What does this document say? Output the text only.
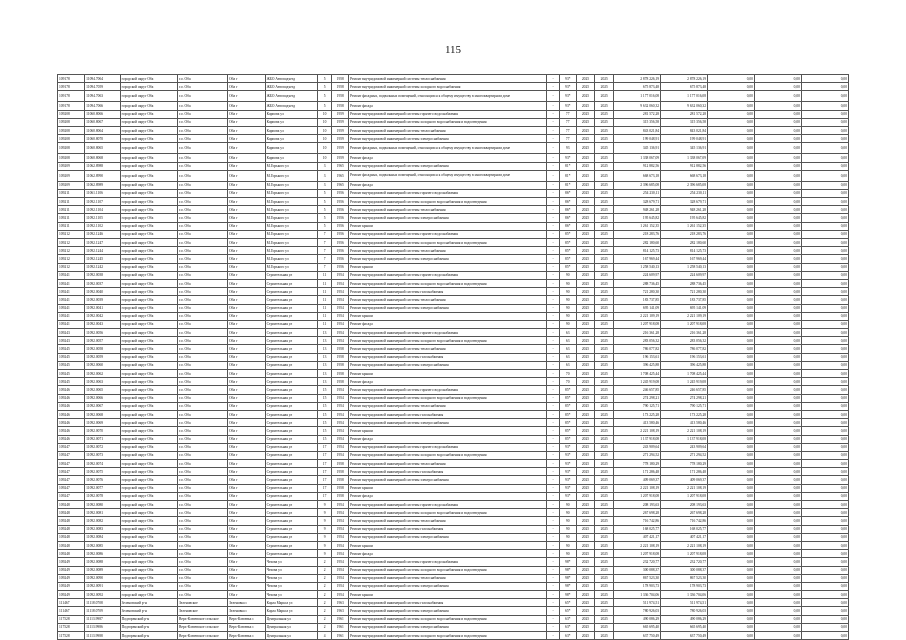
115
109178	11094.7064	городской округ Оба	г.о. Оба	Оба г	ЖБО Автоподъезд	5	1958	Ремонт внутридомовой инженерной системы теплоснабжения	-	93*	2025	2025	2 878 226,19	2 878 226,19	0,00	0,00	0,00
109178	11094.7059	городской округ Оба	г.о. Оба	Оба г	ЖБО Автоподъезд	5	1958	Ремонт внутридомовой инженерной системы холодного водоснабжения	-	93*	2025	2025	675 873,48	675 873,48	0,00	0,00	0,00
109178	11094.7063	городской округ Оба	г.о. Оба	Оба г	ЖБО Автоподъезд	5	1958	Ремонт фасадных, подвальных помещений, относящихся к общему имуществу в многоквартирном доме	-	93*	2025	2025	1 177 016,08	1 177 016,08	0,00	0,00	0,00
109178	11094.7066	городской округ Оба	г.о. Оба	Оба г	ЖБО Автоподъезд	5	1958	Ремонт фасада	-	93*	2025	2025	9 632 060,32	9 632 060,32	0,00	0,00	0,00
109208	11060.8066	городской округ Оба	г.о. Оба	Оба г	Карпова ул	10	1959	Ремонт внутридомовой инженерной системы горячего водоснабжения	-	77	2025	2025	281 572,28	281 572,28	0,00	0,00	0,00
109208	11060.8067	городской округ Оба	г.о. Оба	Оба г	Карпова ул	10	1959	Ремонт внутридомовой инженерной системы холодного водоснабжения и водоотведения	-	77	2025	2025	315 356,58	315 356,58	0,00	0,00	0,00
109208	11060.8064	городской округ Оба	г.о. Оба	Оба г	Карпова ул	10	1959	Ремонт внутридомовой инженерной системы теплоснабжения	-	77	2025	2025	843 021,84	843 021,84	0,00	0,00	0,00
109208	11060.8070	городской округ Оба	г.о. Оба	Оба г	Карпова ул	10	1959	Ремонт внутридомовой инженерной системы электроснабжения	-	77	2025	2025	199 048,91	199 048,91	0,00	0,00	0,00
109208	11060.8065	городской округ Оба	г.о. Оба	Оба г	Карпова ул	10	1959	Ремонт фасадных, подвальных помещений, относящихся к общему имуществу в многоквартирном доме	-	93	2025	2025	345 136,91	345 136,91	0,00	0,00	0,00
109208	11060.8068	городской округ Оба	г.о. Оба	Оба г	Карпова ул	10	1959	Ремонт фасада	-	93*	2025	2025	1 338 067,09	1 338 067,09	0,00	0,00	0,00
109209	11062.8988	городской округ Оба	г.о. Оба	Оба г	М.Горького ул	3	1965	Ремонт внутридомовой инженерной системы электроснабжения	-	81*	2025	2025	912 882,56	912 882,56	0,00	0,00	0,00
109209	11062.8990	городской округ Оба	г.о. Оба	Оба г	М.Горького ул	3	1965	Ремонт фасадных, подвальных помещений, относящихся к общему имуществу в многоквартирном доме	-	81*	2025	2025	668 673,18	668 673,18	0,00	0,00	0,00
109209	11062.8989	городской округ Оба	г.о. Оба	Оба г	М.Горького ул	3	1965	Ремонт фасада	-	81*	2025	2025	2 396 685,08	2 396 685,08	0,00	0,00	0,00
109211	11061.1106	городской округ Оба	г.о. Оба	Оба г	М.Горького ул	5	1956	Ремонт внутридомовой инженерной системы горячего водоснабжения	-	86*	2025	2025	254 230,11	254 230,11	0,00	0,00	0,00
109211	11092.1107	городской округ Оба	г.о. Оба	Оба г	М.Горького ул	5	1956	Ремонт внутридомовой инженерной системы холодного водоснабжения и водоотведения	-	86*	2025	2025	328 679,71	328 679,71	0,00	0,00	0,00
109211	11092.1104	городской округ Оба	г.о. Оба	Оба г	М.Горького ул	5	1956	Ремонт внутридомовой инженерной системы теплоснабжения	-	86*	2025	2025	948 261,28	948 261,28	0,00	0,00	0,00
109211	11092.1105	городской округ Оба	г.о. Оба	Оба г	М.Горького ул	5	1956	Ремонт внутридомовой инженерной системы электроснабжения	-	86*	2025	2025	195 645,82	195 645,82	0,00	0,00	0,00
109211	11092.1102	городской округ Оба	г.о. Оба	Оба г	М.Горького ул	5	1956	Ремонт крыши	-	86*	2025	2025	1 261 152,35	1 261 152,35	0,00	0,00	0,00
109212	11092.1246	городской округ Оба	г.о. Оба	Оба г	М.Горького ул	7	1956	Ремонт внутридомовой инженерной системы горячего водоснабжения	-	85*	2025	2025	218 283,76	218 283,76	0,00	0,00	0,00
109212	11092.1247	городской округ Оба	г.о. Оба	Оба г	М.Горького ул	7	1956	Ремонт внутридомовой инженерной системы холодного водоснабжения и водоотведения	-	85*	2025	2025	282 180,60	282 180,60	0,00	0,00	0,00
109212	11092.1244	городской округ Оба	г.о. Оба	Оба г	М.Горького ул	7	1956	Ремонт внутридомовой инженерной системы теплоснабжения	-	85*	2025	2025	814 125,73	814 125,73	0,00	0,00	0,00
109212	11092.1245	городской округ Оба	г.о. Оба	Оба г	М.Горького ул	7	1956	Ремонт внутридомовой инженерной системы электроснабжения	-	85*	2025	2025	167 969,44	167 969,44	0,00	0,00	0,00
109212	11092.1242	городской округ Оба	г.о. Оба	Оба г	М.Горького ул	7	1956	Ремонт крыши	-	85*	2025	2025	1 258 540,13	1 258 540,13	0,00	0,00	0,00
109241	11092.0038	городской округ Оба	г.о. Оба	Оба г	Строительная ул	11	1954	Ремонт внутридомовой инженерной системы горячего водоснабжения	-	90	2025	2025	224 609,97	224 609,97	0,00	0,00	0,00
109241	11092.0037	городской округ Оба	г.о. Оба	Оба г	Строительная ул	11	1954	Ремонт внутридомовой инженерной системы холодного водоснабжения и водоотведения	-	90	2025	2025	288 736,45	288 736,45	0,00	0,00	0,00
109241	11092.0040	городской округ Оба	г.о. Оба	Оба г	Строительная ул	11	1954	Ремонт внутридомовой инженерной системы газоснабжения	-	90	2025	2025	721 280,30	721 280,30	0,00	0,00	0,00
109241	11092.0039	городской округ Оба	г.о. Оба	Оба г	Строительная ул	11	1954	Ремонт внутридомовой инженерной системы теплоснабжения	-	90	2025	2025	183 737,85	183 737,85	0,00	0,00	0,00
109241	11092.0041	городской округ Оба	г.о. Оба	Оба г	Строительная ул	11	1954	Ремонт внутридомовой инженерной системы электроснабжения	-	90	2025	2025	695 141,09	695 141,09	0,00	0,00	0,00
109241	11092.0042	городской округ Оба	г.о. Оба	Оба г	Строительная ул	11	1954	Ремонт крыши	-	90	2025	2025	2 221 109,19	2 221 109,19	0,00	0,00	0,00
109241	11092.0043	городской округ Оба	г.о. Оба	Оба г	Строительная ул	11	1954	Ремонт фасада	-	90	2025	2025	1 207 918,08	1 207 918,08	0,00	0,00	0,00
109243	11092.0056	городской округ Оба	г.о. Оба	Оба г	Строительная ул	13	1954	Ремонт внутридомовой инженерной системы горячего водоснабжения	-	63	2025	2025	216 361,28	216 361,28	0,00	0,00	0,00
109243	11092.0057	городской округ Оба	г.о. Оба	Оба г	Строительная ул	13	1954	Ремонт внутридомовой инженерной системы холодного водоснабжения и водоотведения	-	63	2025	2025	283 056,32	283 056,32	0,00	0,00	0,00
109245	11092.0058	городской округ Оба	г.о. Оба	Оба г	Строительная ул	13	1958	Ремонт внутридомовой инженерной системы теплоснабжения	-	63	2025	2025	786 077,82	786 077,82	0,00	0,00	0,00
109245	11092.0059	городской округ Оба	г.о. Оба	Оба г	Строительная ул	13	1958	Ремонт внутридомовой инженерной системы газоснабжения	-	63	2025	2025	196 153,61	196 153,61	0,00	0,00	0,00
109245	11092.0060	городской округ Оба	г.о. Оба	Оба г	Строительная ул	13	1958	Ремонт внутридомовой инженерной системы электроснабжения	-	63	2025	2025	396 425,88	396 425,88	0,00	0,00	0,00
109245	11092.0062	городской округ Оба	г.о. Оба	Оба г	Строительная ул	13	1958	Ремонт крыши	-	70	2025	2025	1 708 425,44	1 708 425,44	0,00	0,00	0,00
109245	11092.0063	городской округ Оба	г.о. Оба	Оба г	Строительная ул	13	1958	Ремонт фасада	-	70	2025	2025	1 245 919,08	1 245 919,08	0,00	0,00	0,00
109246	11092.0065	городской округ Оба	г.о. Оба	Оба г	Строительная ул	15	1954	Ремонт внутридомовой инженерной системы горячего водоснабжения	-	85*	2025	2025	246 657,85	246 657,85	0,00	0,00	0,00
109246	11092.0066	городской округ Оба	г.о. Оба	Оба г	Строительная ул	15	1954	Ремонт внутридомовой инженерной системы холодного водоснабжения и водоотведения	-	85*	2025	2025	274 298,21	274 298,21	0,00	0,00	0,00
109246	11092.0067	городской округ Оба	г.о. Оба	Оба г	Строительная ул	15	1954	Ремонт внутридомовой инженерной системы теплоснабжения	-	85*	2025	2025	790 125,71	790 125,71	0,00	0,00	0,00
109246	11092.0068	городской округ Оба	г.о. Оба	Оба г	Строительная ул	15	1954	Ремонт внутридомовой инженерной системы газоснабжения	-	85*	2025	2025	173 225,28	173 225,28	0,00	0,00	0,00
109246	11092.0069	городской округ Оба	г.о. Оба	Оба г	Строительная ул	15	1954	Ремонт внутридомовой инженерной системы электроснабжения	-	85*	2025	2025	413 580,46	413 580,46	0,00	0,00	0,00
109246	11092.0070	городской округ Оба	г.о. Оба	Оба г	Строительная ул	15	1954	Ремонт крыши	-	85*	2025	2025	2 221 108,19	2 221 108,19	0,00	0,00	0,00
109246	11092.0071	городской округ Оба	г.о. Оба	Оба г	Строительная ул	15	1954	Ремонт фасада	-	85*	2025	2025	1 137 918,08	1 137 918,08	0,00	0,00	0,00
109247	11092.0072	городской округ Оба	г.о. Оба	Оба г	Строительная ул	17	1954	Ремонт внутридомовой инженерной системы горячего водоснабжения	-	93*	2025	2025	243 909,64	243 909,64	0,00	0,00	0,00
109247	11092.0073	городской округ Оба	г.о. Оба	Оба г	Строительная ул	17	1954	Ремонт внутридомовой инженерной системы холодного водоснабжения и водоотведения	-	93*	2025	2025	271 294,52	271 294,52	0,00	0,00	0,00
109247	11092.0074	городской округ Оба	г.о. Оба	Оба г	Строительная ул	17	1958	Ремонт внутридомовой инженерной системы теплоснабжения	-	93*	2025	2025	778 180,29	778 180,29	0,00	0,00	0,00
109247	11092.0075	городской округ Оба	г.о. Оба	Оба г	Строительная ул	17	1958	Ремонт внутридомовой инженерной системы газоснабжения	-	93*	2025	2025	171 286,48	171 286,48	0,00	0,00	0,00
109247	11092.0076	городской округ Оба	г.о. Оба	Оба г	Строительная ул	17	1958	Ремонт внутридомовой инженерной системы электроснабжения	-	93*	2025	2025	409 069,37	409 069,37	0,00	0,00	0,00
109247	11092.0077	городской округ Оба	г.о. Оба	Оба г	Строительная ул	17	1958	Ремонт крыши	-	93*	2025	2025	2 221 108,19	2 221 108,19	0,00	0,00	0,00
109247	11092.0078	городской округ Оба	г.о. Оба	Оба г	Строительная ул	17	1958	Ремонт фасада	-	93*	2025	2025	1 207 918,08	1 207 918,08	0,00	0,00	0,00
109248	11092.0080	городской округ Оба	г.о. Оба	Оба г	Строительная ул	9	1954	Ремонт внутридомовой инженерной системы горячего водоснабжения	-	90	2025	2025	208 193,63	208 193,63	0,00	0,00	0,00
109248	11092.0081	городской округ Оба	г.о. Оба	Оба г	Строительная ул	9	1954	Ремонт внутридомовой инженерной системы холодного водоснабжения и водоотведения	-	90	2025	2025	267 698,28	267 698,28	0,00	0,00	0,00
109248	11092.0082	городской округ Оба	г.о. Оба	Оба г	Строительная ул	9	1954	Ремонт внутридомовой инженерной системы теплоснабжения	-	90	2025	2025	716 742,86	716 742,86	0,00	0,00	0,00
109248	11092.0083	городской округ Оба	г.о. Оба	Оба г	Строительная ул	9	1954	Ремонт внутридомовой инженерной системы газоснабжения	-	90	2025	2025	168 025,77	168 025,77	0,00	0,00	0,00
109248	11092.0084	городской округ Оба	г.о. Оба	Оба г	Строительная ул	9	1954	Ремонт внутридомовой инженерной системы электроснабжения	-	90	2025	2025	407 421,17	407 421,17	0,00	0,00	0,00
109248	11092.0085	городской округ Оба	г.о. Оба	Оба г	Строительная ул	9	1954	Ремонт крыши	-	90	2025	2025	2 221 108,19	2 221 108,19	0,00	0,00	0,00
109248	11092.0086	городской округ Оба	г.о. Оба	Оба г	Строительная ул	9	1954	Ремонт фасада	-	90	2025	2025	1 207 918,08	1 207 918,08	0,00	0,00	0,00
109249	11092.0088	городской округ Оба	г.о. Оба	Оба г	Чехова ул	2	1954	Ремонт внутридомовой инженерной системы горячего водоснабжения	-	98*	2025	2025	232 720,77	232 720,77	0,00	0,00	0,00
109249	11092.0089	городской округ Оба	г.о. Оба	Оба г	Чехова ул	2	1954	Ремонт внутридомовой инженерной системы холодного водоснабжения и водоотведения	-	98*	2025	2025	300 088,37	300 088,37	0,00	0,00	0,00
109249	11092.0090	городской округ Оба	г.о. Оба	Оба г	Чехова ул	2	1954	Ремонт внутридомовой инженерной системы теплоснабжения	-	98*	2025	2025	867 523,30	867 523,30	0,00	0,00	0,00
109249	11092.0091	городской округ Оба	г.о. Оба	Оба г	Чехова ул	2	1954	Ремонт внутридомовой инженерной системы электроснабжения	-	98*	2025	2025	178 903,73	178 903,73	0,00	0,00	0,00
109249	11092.0092	городской округ Оба	г.о. Оба	Оба г	Чехова ул	2	1954	Ремонт крыши	-	98*	2025	2025	1 336 704,06	1 336 704,06	0,00	0,00	0,00
111467	11118.0708	Зеленовский р-н	Зеленовское	Зеленовка с	Карла Маркса ул	2	1963	Ремонт внутридомовой инженерной системы газоснабжения	-	65*	2025	2025	511 974,51	511 974,51	0,00	0,00	0,00
111467	11118.0709	Зеленовский р-н	Зеленовское	Зеленовка с	Карла Маркса ул	2	1963	Ремонт внутридомовой инженерной системы электроснабжения	-	65*	2025	2025	780 926,03	780 926,03	0,00	0,00	0,00
117528	11113.9987	Подгоренский р-н	Верх-Клюевское сельское	Верх-Клюевка с	Центральная ул	2	1961	Ремонт внутридомовой инженерной системы холодного водоснабжения и водоотведения	-	63*	2025	2025	490 086,29	490 086,29	0,00	0,00	0,00
117528	11113.9986	Подгоренский р-н	Верх-Клюевское сельское	Верх-Клюевка с	Центральная ул	2	1961	Ремонт внутридомовой инженерной системы электроснабжения	-	63*	2025	2025	665 695,40	665 695,40	0,00	0,00	0,00
117528	11113.9988	Подгоренский р-н	Верх-Клюевское сельское	Верх-Клюевка с	Центральная ул	4	1961	Ремонт внутридомовой инженерной системы холодного водоснабжения и водоотведения	-	63*	2025	2025	637 750,49	637 750,49	0,00	0,00	0,00
